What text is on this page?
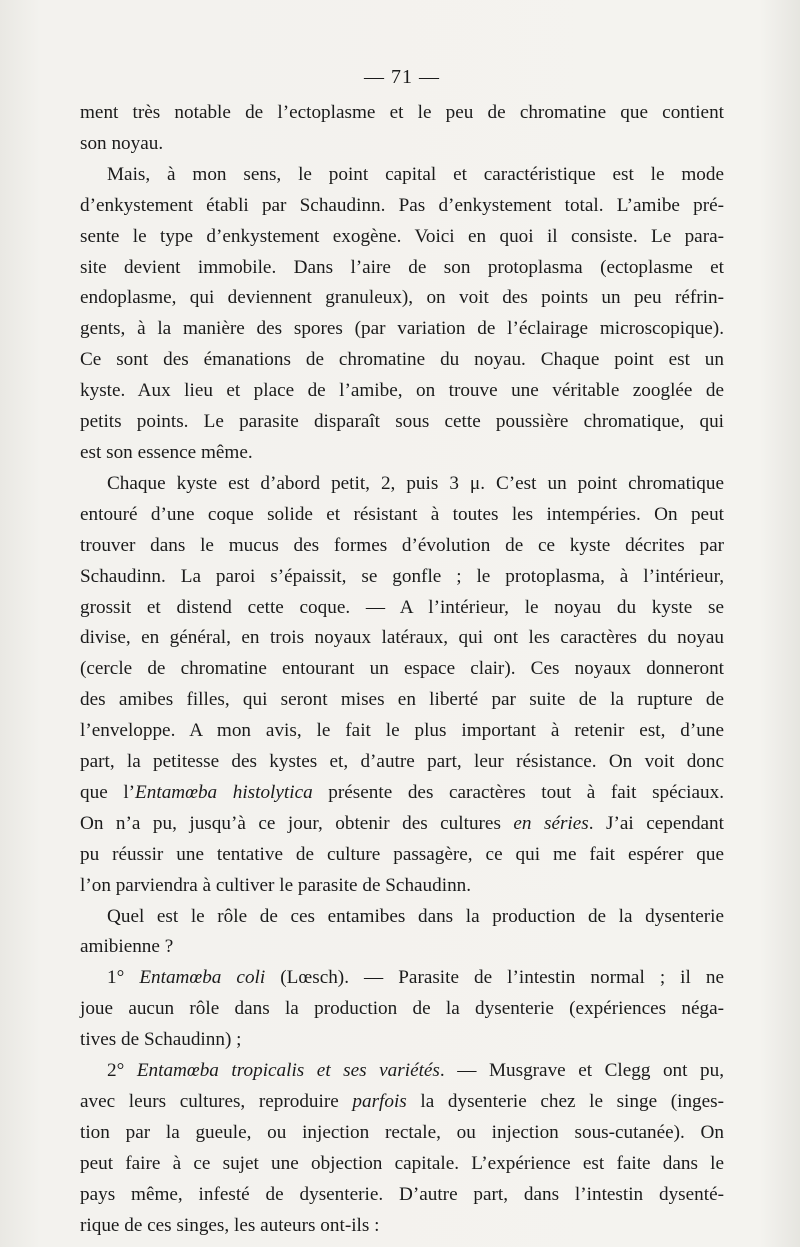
— 71 —

ment très notable de l’ectoplasme et le peu de chromatine que contient
son noyau.

Mais, à mon sens, le point capital et caractéristique est le mode
d’enkystement établi par Schaudinn. Pas d’enkystement total. L’amibe pré-
sente le type d’enkystement exogène. Voici en quoi il consiste. Le para-
site devient immobile. Dans l’aire de son protoplasma (ectoplasme et
endoplasme, qui deviennent granuleux), on voit des points un peu réfrin-
gents, à la manière des spores (par variation de l’éclairage microscopique).
Ce sont des émanations de chromatine du noyau. Chaque point est un
kyste. Aux lieu et place de l’amibe, on trouve une véritable zooglée de
petits points. Le parasite disparaît sous cette poussière chromatique, qui
est son essence même.

Chaque kyste est d’abord petit, 2, puis 3 μ. C’est un point chromatique
entouré d’une coque solide et résistant à toutes les intempéries. On peut
trouver dans le mucus des formes d’évolution de ce kyste décrites par
Schaudinn. La paroi s’épaissit, se gonfle ; le protoplasma, à l’intérieur,
grossit et distend cette coque. — A l’intérieur, le noyau du kyste se
divise, en général, en trois noyaux latéraux, qui ont les caractères du noyau
(cercle de chromatine entourant un espace clair). Ces noyaux donneront
des amibes filles, qui seront mises en liberté par suite de la rupture de
l’enveloppe. A mon avis, le fait le plus important à retenir est, d’une
part, la petitesse des kystes et, d’autre part, leur résistance. On voit donc
que l’Entamœba histolytica présente des caractères tout à fait spéciaux.
On n’a pu, jusqu’à ce jour, obtenir des cultures en séries. J’ai cependant
pu réussir une tentative de culture passagère, ce qui me fait espérer que
l’on parviendra à cultiver le parasite de Schaudinn.

Quel est le rôle de ces entamibes dans la production de la dysenterie
amibienne ?

1° Entamœba coli (Lœsch). — Parasite de l’intestin normal ; il ne
joue aucun rôle dans la production de la dysenterie (expériences néga-
tives de Schaudinn) ;

2° Entamœba tropicalis et ses variétés. — Musgrave et Clegg ont pu,
avec leurs cultures, reproduire parfois la dysenterie chez le singe (inges-
tion par la gueule, ou injection rectale, ou injection sous-cutanée). On
peut faire à ce sujet une objection capitale. L’expérience est faite dans le
pays même, infesté de dysenterie. D’autre part, dans l’intestin dysenté-
rique de ces singes, les auteurs ont-ils :
